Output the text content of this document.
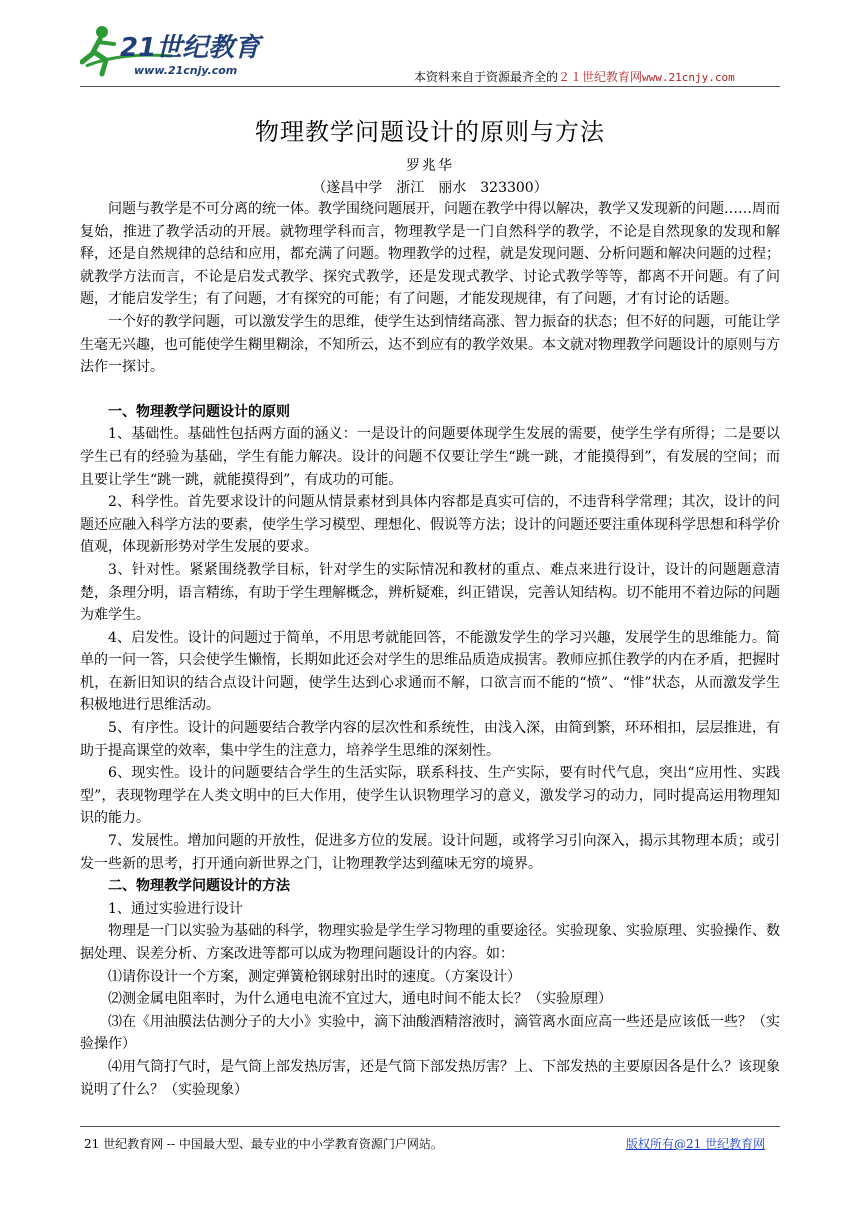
21世纪教育
www.21cnjy.com	本资料来自于资源最齐全的２１世纪教育网www.21cnjy.com
物理教学问题设计的原则与方法
罗兆华
（遂昌中学　浙江　丽水　323300）

问题与教学是不可分离的统一体。教学围绕问题展开，问题在教学中得以解决，教学又发现新的问题……周而复始，推进了教学活动的开展。就物理学科而言，物理教学是一门自然科学的教学，不论是自然现象的发现和解释，还是自然规律的总结和应用，都充满了问题。物理教学的过程，就是发现问题、分析问题和解决问题的过程；就教学方法而言，不论是启发式教学、探究式教学，还是发现式教学、讨论式教学等等，都离不开问题。有了问题，才能启发学生；有了问题，才有探究的可能；有了问题，才能发现规律，有了问题，才有讨论的话题。

一个好的教学问题，可以激发学生的思维，使学生达到情绪高涨、智力振奋的状态；但不好的问题，可能让学生毫无兴趣，也可能使学生糊里糊涂，不知所云，达不到应有的教学效果。本文就对物理教学问题设计的原则与方法作一探讨。

一、物理教学问题设计的原则

1、基础性。基础性包括两方面的涵义：一是设计的问题要体现学生发展的需要，使学生学有所得；二是要以学生已有的经验为基础，学生有能力解决。设计的问题不仅要让学生“跳一跳，才能摸得到”，有发展的空间；而且要让学生“跳一跳，就能摸得到”，有成功的可能。

2、科学性。首先要求设计的问题从情景素材到具体内容都是真实可信的，不违背科学常理；其次，设计的问题还应融入科学方法的要素，使学生学习模型、理想化、假说等方法；设计的问题还要注重体现科学思想和科学价值观，体现新形势对学生发展的要求。

3、针对性。紧紧围绕教学目标，针对学生的实际情况和教材的重点、难点来进行设计，设计的问题题意清楚，条理分明，语言精练，有助于学生理解概念，辨析疑难，纠正错误，完善认知结构。切不能用不着边际的问题为难学生。

4、启发性。设计的问题过于简单，不用思考就能回答，不能激发学生的学习兴趣，发展学生的思维能力。简单的一问一答，只会使学生懒惰，长期如此还会对学生的思维品质造成损害。教师应抓住教学的内在矛盾，把握时机，在新旧知识的结合点设计问题，使学生达到心求通而不解，口欲言而不能的“愤”、“悱”状态，从而激发学生积极地进行思维活动。

5、有序性。设计的问题要结合教学内容的层次性和系统性，由浅入深，由简到繁，环环相扣，层层推进，有助于提高课堂的效率，集中学生的注意力，培养学生思维的深刻性。

6、现实性。设计的问题要结合学生的生活实际，联系科技、生产实际，要有时代气息，突出“应用性、实践型”，表现物理学在人类文明中的巨大作用，使学生认识物理学习的意义，激发学习的动力，同时提高运用物理知识的能力。

7、发展性。增加问题的开放性，促进多方位的发展。设计问题，或将学习引向深入，揭示其物理本质；或引发一些新的思考，打开通向新世界之门，让物理教学达到蕴味无穷的境界。

二、物理教学问题设计的方法

1、通过实验进行设计

物理是一门以实验为基础的科学，物理实验是学生学习物理的重要途径。实验现象、实验原理、实验操作、数据处理、误差分析、方案改进等都可以成为物理问题设计的内容。如：

⑴请你设计一个方案，测定弹簧枪钢球射出时的速度。（方案设计）

⑵测金属电阻率时，为什么通电电流不宜过大，通电时间不能太长？（实验原理）

⑶在《用油膜法估测分子的大小》实验中，滴下油酸酒精溶液时，滴管离水面应高一些还是应该低一些？（实验操作）

⑷用气筒打气时，是气筒上部发热厉害，还是气筒下部发热厉害？上、下部发热的主要原因各是什么？该现象说明了什么？（实验现象）

21 世纪教育网 -- 中国最大型、最专业的中小学教育资源门户网站。	版权所有@21 世纪教育网
